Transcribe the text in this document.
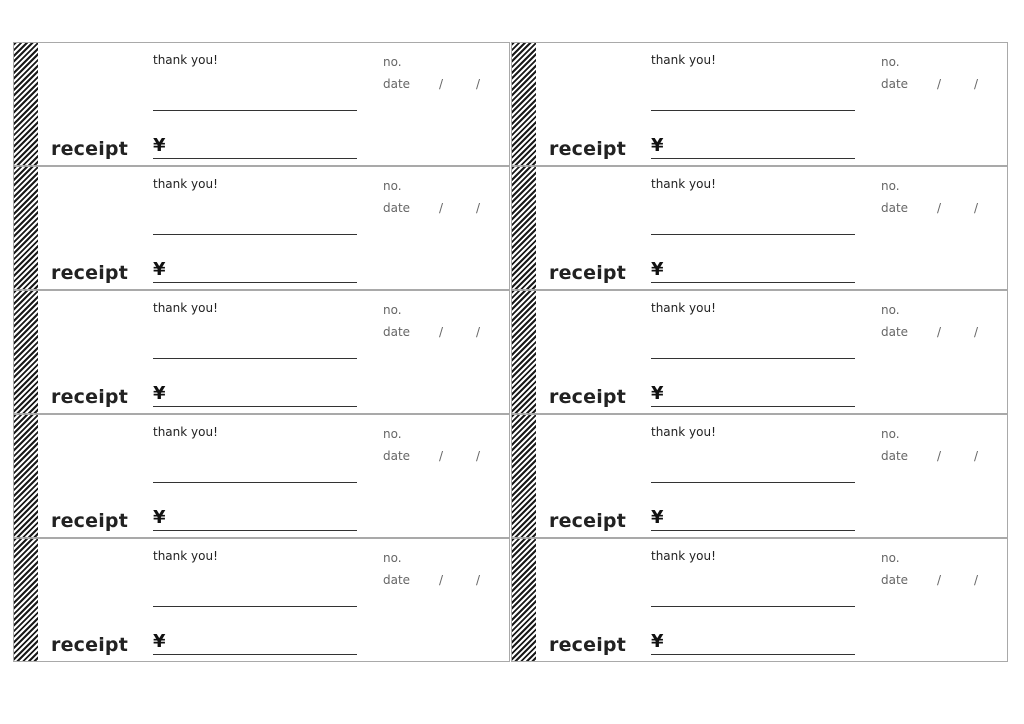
receipt
thank you!
¥
no.
date /	/
receipt
thank you!
¥
no.
date /	/
receipt
thank you!
¥
no.
date /	/
receipt
thank you!
¥
no.
date /	/
receipt
thank you!
¥
no.
date /	/
receipt
thank you!
¥
no.
date /	/
receipt
thank you!
¥
no.
date /	/
receipt
thank you!
¥
no.
date /	/
receipt
thank you!
¥
no.
date /	/
receipt
thank you!
¥
no.
date /	/
